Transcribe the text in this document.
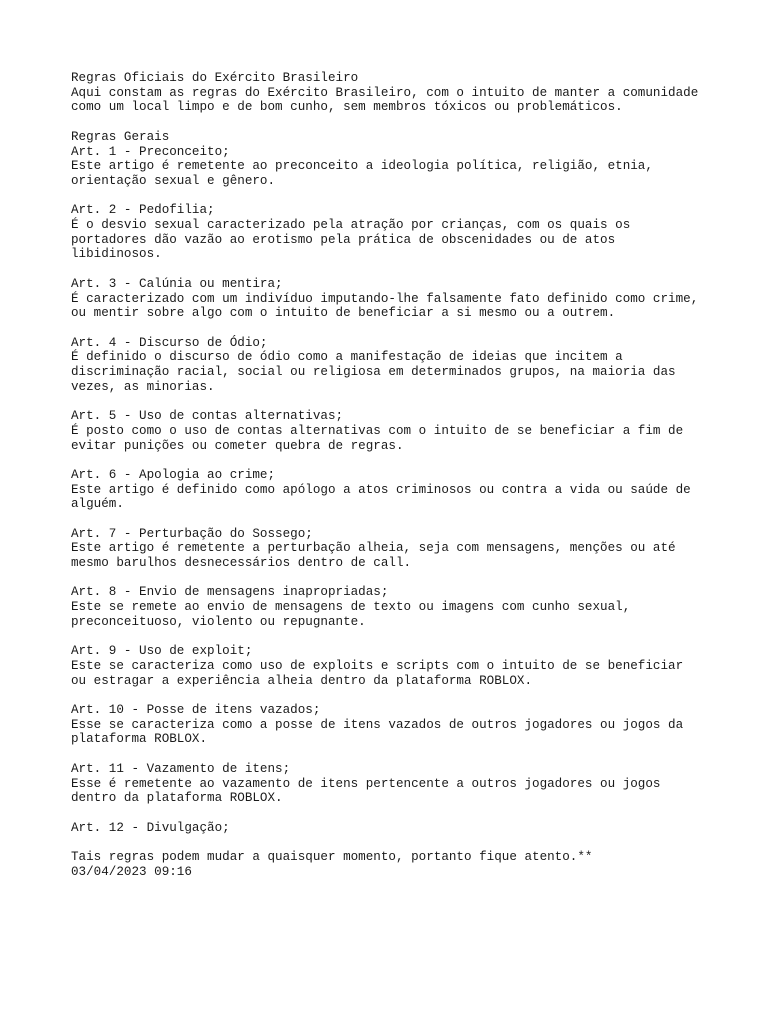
Regras Oficiais do Exército Brasileiro
Aqui constam as regras do Exército Brasileiro, com o intuito de manter a comunidade
como um local limpo e de bom cunho, sem membros tóxicos ou problemáticos.
Regras Gerais
Art. 1 - Preconceito;
Este artigo é remetente ao preconceito a ideologia política, religião, etnia,
orientação sexual e gênero.
Art. 2 - Pedofilia;
É o desvio sexual caracterizado pela atração por crianças, com os quais os
portadores dão vazão ao erotismo pela prática de obscenidades ou de atos
libidinosos.
Art. 3 - Calúnia ou mentira;
É caracterizado com um indivíduo imputando-lhe falsamente fato definido como crime,
ou mentir sobre algo com o intuito de beneficiar a si mesmo ou a outrem.
Art. 4 - Discurso de Ódio;
É definido o discurso de ódio como a manifestação de ideias que incitem a
discriminação racial, social ou religiosa em determinados grupos, na maioria das
vezes, as minorias.
Art. 5 - Uso de contas alternativas;
É posto como o uso de contas alternativas com o intuito de se beneficiar a fim de
evitar punições ou cometer quebra de regras.
Art. 6 - Apologia ao crime;
Este artigo é definido como apólogo a atos criminosos ou contra a vida ou saúde de
alguém.
Art. 7 - Perturbação do Sossego;
Este artigo é remetente a perturbação alheia, seja com mensagens, menções ou até
mesmo barulhos desnecessários dentro de call.
Art. 8 - Envio de mensagens inapropriadas;
Este se remete ao envio de mensagens de texto ou imagens com cunho sexual,
preconceituoso, violento ou repugnante.
Art. 9 - Uso de exploit;
Este se caracteriza como uso de exploits e scripts com o intuito de se beneficiar
ou estragar a experiência alheia dentro da plataforma ROBLOX.
Art. 10 - Posse de itens vazados;
Esse se caracteriza como a posse de itens vazados de outros jogadores ou jogos da
plataforma ROBLOX.
Art. 11 - Vazamento de itens;
Esse é remetente ao vazamento de itens pertencente a outros jogadores ou jogos
dentro da plataforma ROBLOX.
Art. 12 - Divulgação;
Tais regras podem mudar a quaisquer momento, portanto fique atento.**
03/04/2023 09:16
